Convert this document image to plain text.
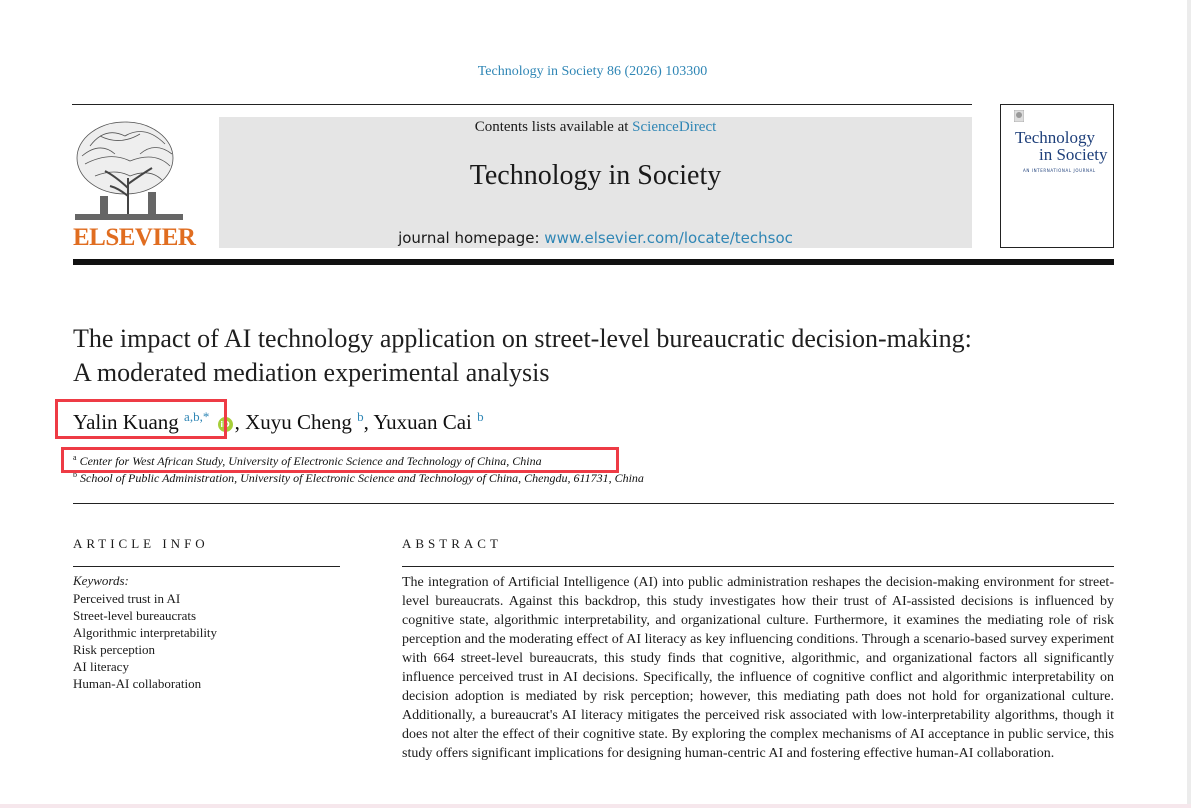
Technology in Society 86 (2026) 103300
ELSEVIER
Contents lists available at ScienceDirect
Technology in Society
journal homepage: www.elsevier.com/locate/techsoc
Technology
in Society
AN INTERNATIONAL JOURNAL
The impact of AI technology application on street-level bureaucratic decision-making: A moderated mediation experimental analysis
Yalin Kuang $^{a,b,*}$ iD , Xuyu Cheng $^b$, Yuxuan Cai $^b$
$^a$ Center for West African Study, University of Electronic Science and Technology of China, China
$^b$ School of Public Administration, University of Electronic Science and Technology of China, Chengdu, 611731, China
ARTICLE INFO
Keywords:
Perceived trust in AI
Street-level bureaucrats
Algorithmic interpretability
Risk perception
AI literacy
Human-AI collaboration
ABSTRACT

The integration of Artificial Intelligence (AI) into public administration reshapes the decision-making environment for street-level bureaucrats. Against this backdrop, this study investigates how their trust of AI-assisted decisions is influenced by cognitive state, algorithmic interpretability, and organizational culture. Furthermore, it examines the mediating role of risk perception and the moderating effect of AI literacy as key influencing conditions. Through a scenario-based survey experiment with 664 street-level bureaucrats, this study finds that cognitive, algorithmic, and organizational factors all significantly influence perceived trust in AI decisions. Specifically, the influence of cognitive conflict and algorithmic interpretability on decision adoption is mediated by risk perception; however, this mediating path does not hold for organizational culture. Additionally, a bureaucrat's AI literacy mitigates the perceived risk associated with low-interpretability algorithms, though it does not alter the effect of their cognitive state. By exploring the complex mechanisms of AI acceptance in public service, this study offers significant implications for designing human-centric AI and fostering effective human-AI collaboration.
